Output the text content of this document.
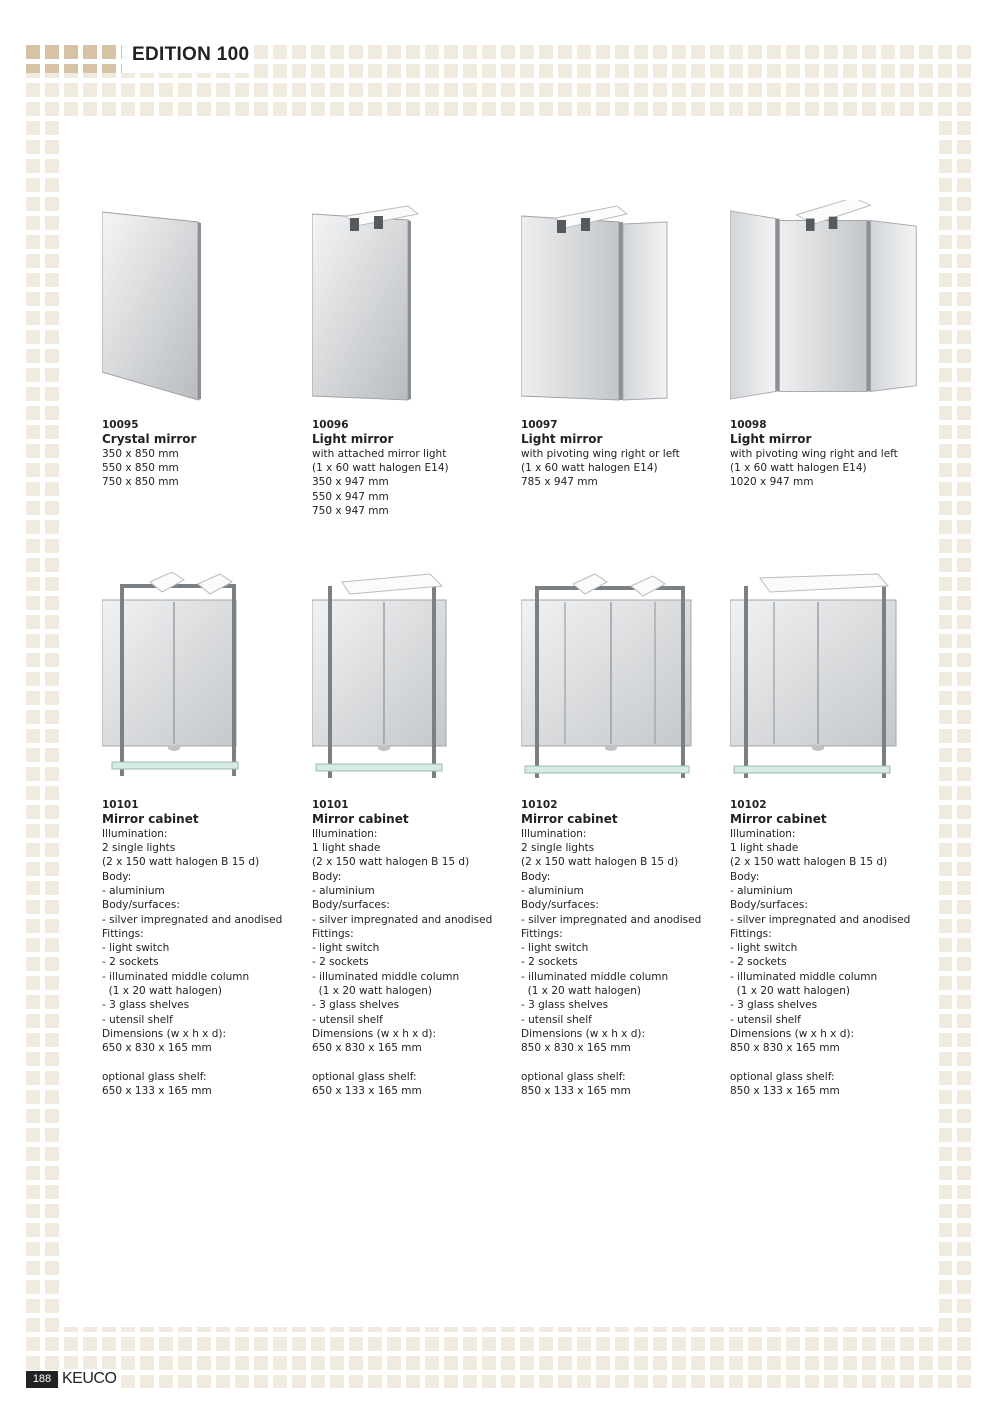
EDITION 100
10095
Crystal mirror
350 x 850 mm
550 x 850 mm
750 x 850 mm
10096
Light mirror
with attached mirror light
(1 x 60 watt halogen E14)
350 x 947 mm
550 x 947 mm
750 x 947 mm
10097
Light mirror
with pivoting wing right or left
(1 x 60 watt halogen E14)
785 x 947 mm
10098
Light mirror
with pivoting wing right and left
(1 x 60 watt halogen E14)
1020 x 947 mm
10101
Mirror cabinet
Illumination:
2 single lights
(2 x 150 watt halogen B 15 d)
Body:
- aluminium
Body/surfaces:
- silver impregnated and anodised
Fittings:
- light switch
- 2 sockets
- illuminated middle column
(1 x 20 watt halogen)
- 3 glass shelves
- utensil shelf
Dimensions (w x h x d):
650 x 830 x 165 mm
optional glass shelf:
650 x 133 x 165 mm
10101
Mirror cabinet
Illumination:
1 light shade
(2 x 150 watt halogen B 15 d)
Body:
- aluminium
Body/surfaces:
- silver impregnated and anodised
Fittings:
- light switch
- 2 sockets
- illuminated middle column
(1 x 20 watt halogen)
- 3 glass shelves
- utensil shelf
Dimensions (w x h x d):
650 x 830 x 165 mm
optional glass shelf:
650 x 133 x 165 mm
10102
Mirror cabinet
Illumination:
2 single lights
(2 x 150 watt halogen B 15 d)
Body:
- aluminium
Body/surfaces:
- silver impregnated and anodised
Fittings:
- light switch
- 2 sockets
- illuminated middle column
(1 x 20 watt halogen)
- 3 glass shelves
- utensil shelf
Dimensions (w x h x d):
850 x 830 x 165 mm
optional glass shelf:
850 x 133 x 165 mm
10102
Mirror cabinet
Illumination:
1 light shade
(2 x 150 watt halogen B 15 d)
Body:
- aluminium
Body/surfaces:
- silver impregnated and anodised
Fittings:
- light switch
- 2 sockets
- illuminated middle column
(1 x 20 watt halogen)
- 3 glass shelves
- utensil shelf
Dimensions (w x h x d):
850 x 830 x 165 mm
optional glass shelf:
850 x 133 x 165 mm
188 KEUCO
